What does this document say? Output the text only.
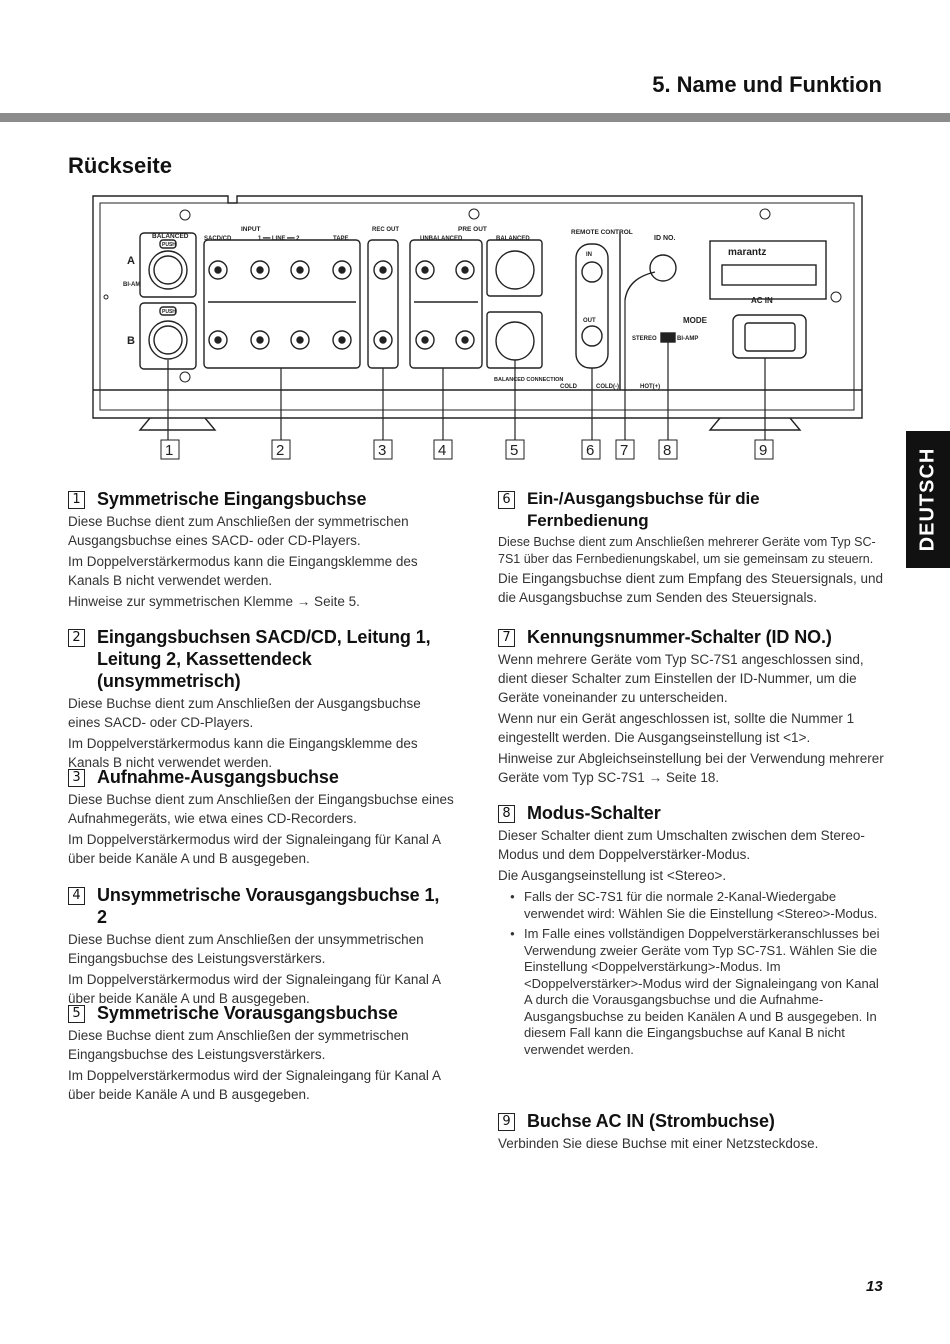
5. Name und Funktion
Rückseite
DEUTSCH
BALANCED
PUSH
PUSH
INPUT
SACD/CD	1 ━━ LINE ━━ 2	TAPE
REC OUT	PRE OUT
UNBALANCED	BALANCED
REMOTE CONTROL
IN
OUT
ID NO.
marantz
MODE
STEREO	BI-AMP
AC IN
A
B
BI-AM
BALANCED CONNECTION
COLD	COLD(-)	HOT(+)
1	2	3	4	5	6 7 8	9
1 Symmetrische Eingangsbuchse

Diese Buchse dient zum Anschließen der symmetrischen Ausgangsbuchse eines SACD- oder CD-Players.

Im Doppelverstärkermodus kann die Eingangsklemme des Kanals B nicht verwendet werden.

Hinweise zur symmetrischen Klemme → Seite 5.

2 Eingangsbuchsen SACD/CD, Leitung 1, Leitung 2, Kassettendeck (unsymmetrisch)

Diese Buchse dient zum Anschließen der Ausgangsbuchse eines SACD- oder CD-Players.

Im Doppelverstärkermodus kann die Eingangsklemme des Kanals B nicht verwendet werden.

3 Aufnahme-Ausgangsbuchse

Diese Buchse dient zum Anschließen der Eingangsbuchse eines Aufnahmegeräts, wie etwa eines CD-Recorders.

Im Doppelverstärkermodus wird der Signaleingang für Kanal A über beide Kanäle A und B ausgegeben.

4 Unsymmetrische Vorausgangsbuchse 1, 2

Diese Buchse dient zum Anschließen der unsymmetrischen Eingangsbuchse des Leistungsverstärkers.

Im Doppelverstärkermodus wird der Signaleingang für Kanal A über beide Kanäle A und B ausgegeben.

5 Symmetrische Vorausgangsbuchse

Diese Buchse dient zum Anschließen der symmetrischen Eingangsbuchse des Leistungsverstärkers.

Im Doppelverstärkermodus wird der Signaleingang für Kanal A über beide Kanäle A und B ausgegeben.

6 Ein-/Ausgangsbuchse für die Fernbedienung

Diese Buchse dient zum Anschließen mehrerer Geräte vom Typ SC-7S1 über das Fernbedienungskabel, um sie gemeinsam zu steuern.

Die Eingangsbuchse dient zum Empfang des Steuersignals, und die Ausgangsbuchse zum Senden des Steuersignals.

7 Kennungsnummer-Schalter (ID NO.)

Wenn mehrere Geräte vom Typ SC-7S1 angeschlossen sind, dient dieser Schalter zum Einstellen der ID-Nummer, um die Geräte voneinander zu unterscheiden.

Wenn nur ein Gerät angeschlossen ist, sollte die Nummer 1 eingestellt werden. Die Ausgangseinstellung ist <1>.

Hinweise zur Abgleichseinstellung bei der Verwendung mehrerer Geräte vom Typ SC-7S1 → Seite 18.

8 Modus-Schalter

Dieser Schalter dient zum Umschalten zwischen dem Stereo-Modus und dem Doppelverstärker-Modus.

Die Ausgangseinstellung ist <Stereo>.

● Falls der SC-7S1 für die normale 2-Kanal-Wiedergabe verwendet wird: Wählen Sie die Einstellung <Stereo>-Modus.
● Im Falle eines vollständigen Doppelverstärkeranschlusses bei Verwendung zweier Geräte vom Typ SC-7S1. Wählen Sie die Einstellung <Doppelverstärkung>-Modus. Im <Doppelverstärker>-Modus wird der Signaleingang von Kanal A durch die Vorausgangsbuchse und die Aufnahme-Ausgangsbuchse zu beiden Kanälen A und B ausgegeben. In diesem Fall kann die Eingangsbuchse auf Kanal B nicht verwendet werden.
9 Buchse AC IN (Strombuchse)

Verbinden Sie diese Buchse mit einer Netzsteckdose.

13
